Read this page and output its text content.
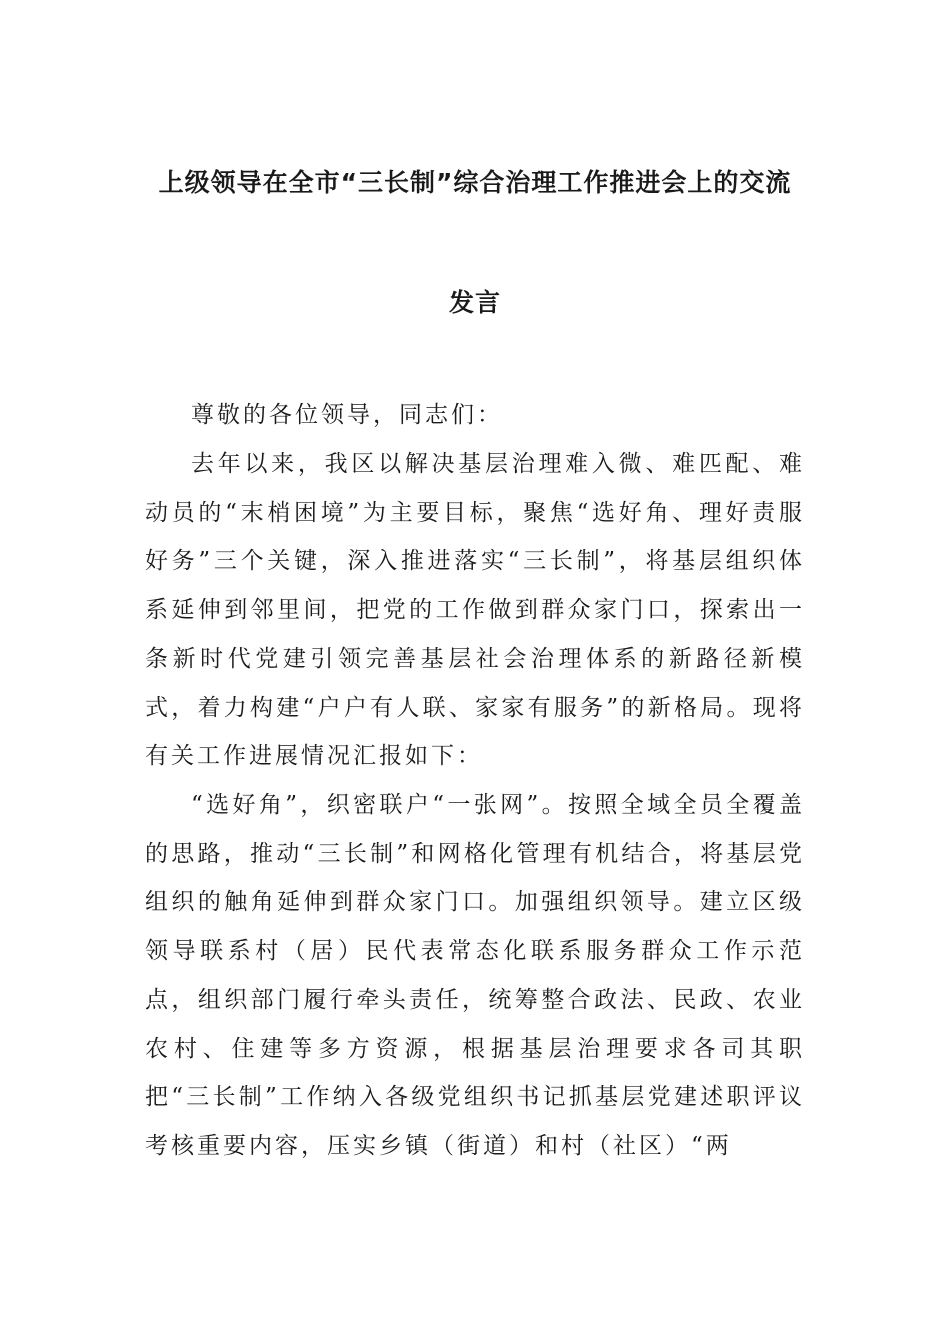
上级领导在全市“三长制”综合治理工作推进会上的交流
发言

尊敬的各位领导，同志们：

去年以来，我区以解决基层治理难入微、难匹配、难动员的“末梢困境”为主要目标，聚焦“选好角、理好责服好务”三个关键，深入推进落实“三长制”，将基层组织体系延伸到邻里间，把党的工作做到群众家门口，探索出一条新时代党建引领完善基层社会治理体系的新路径新模式，着力构建“户户有人联、家家有服务”的新格局。现将有关工作进展情况汇报如下：

“选好角”，织密联户“一张网”。按照全域全员全覆盖的思路，推动“三长制”和网格化管理有机结合，将基层党组织的触角延伸到群众家门口。加强组织领导。建立区级领导联系村（居）民代表常态化联系服务群众工作示范点，组织部门履行牵头责任，统筹整合政法、民政、农业农村、住建等多方资源，根据基层治理要求各司其职把“三长制”工作纳入各级党组织书记抓基层党建述职评议考核重要内容，压实乡镇（街道）和村（社区）“两
